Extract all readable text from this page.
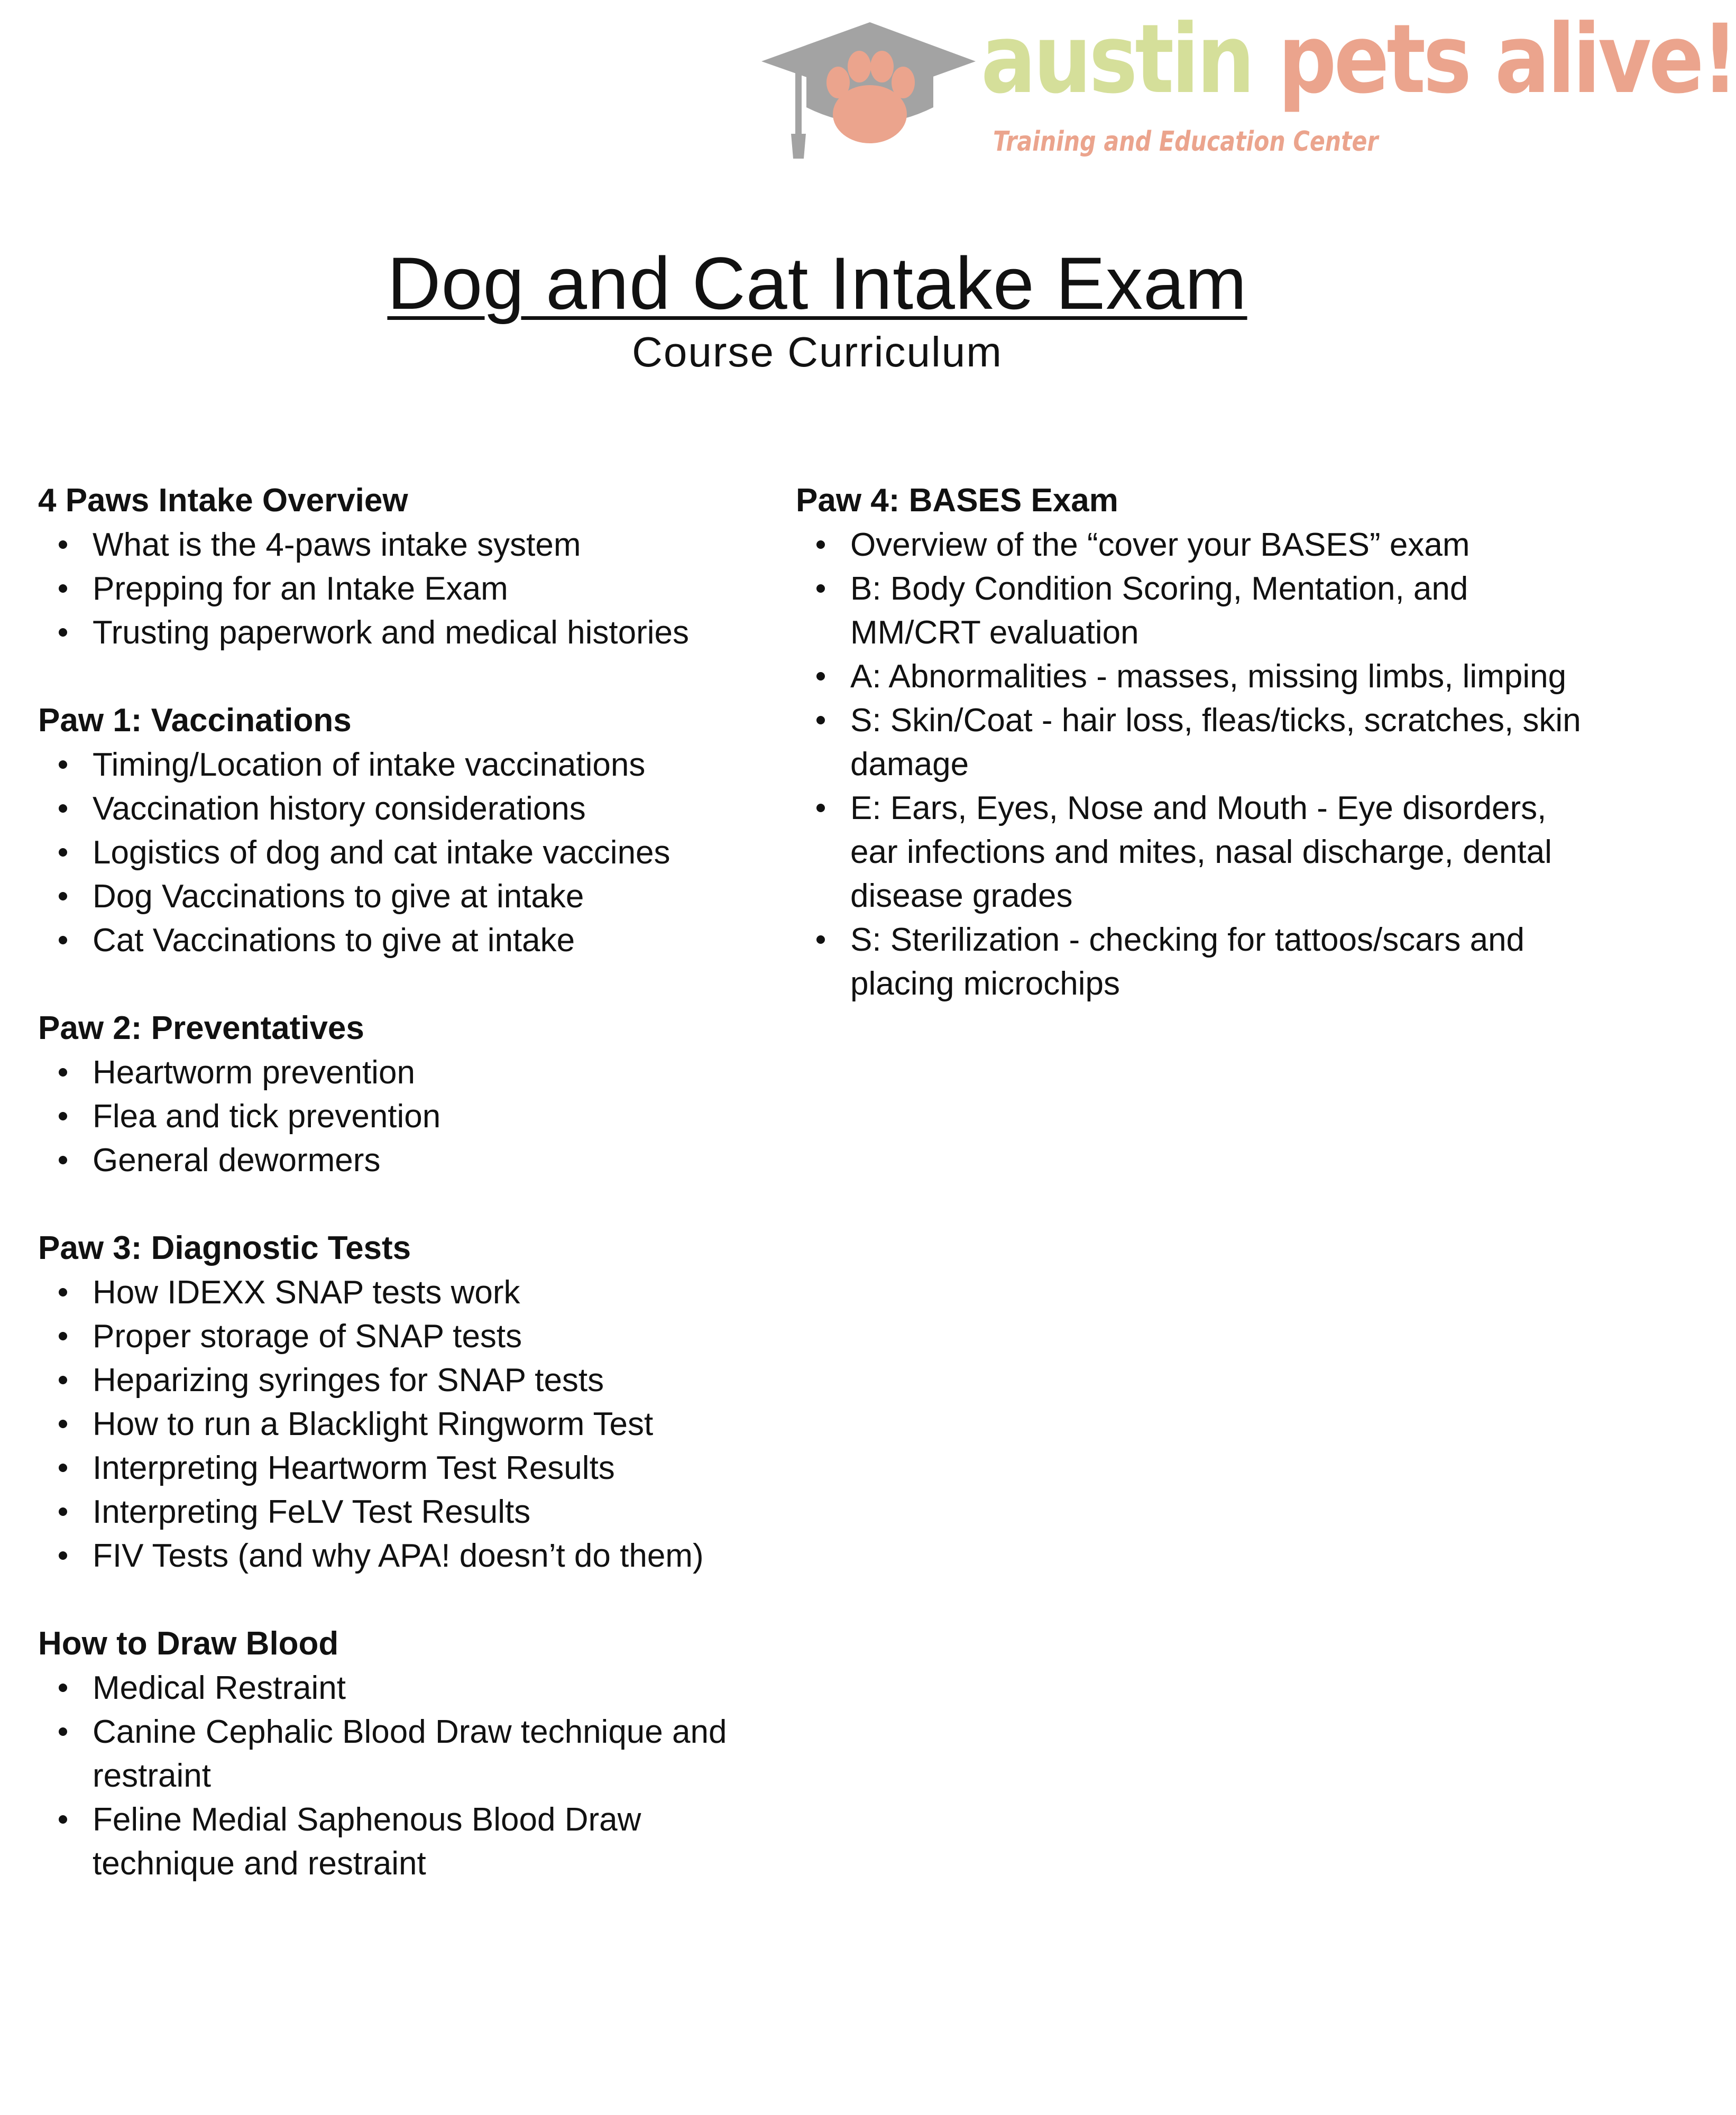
austin pets alive!
Training and Education Center
Dog and Cat Intake Exam
Course Curriculum
4 Paws Intake Overview
What is the 4-paws intake system
Prepping for an Intake Exam
Trusting paperwork and medical histories
Paw 1: Vaccinations
Timing/Location of intake vaccinations
Vaccination history considerations
Logistics of dog and cat intake vaccines
Dog Vaccinations to give at intake
Cat Vaccinations to give at intake
Paw 2: Preventatives
Heartworm prevention
Flea and tick prevention
General dewormers
Paw 3: Diagnostic Tests
How IDEXX SNAP tests work
Proper storage of SNAP tests
Heparizing syringes for SNAP tests
How to run a Blacklight Ringworm Test
Interpreting Heartworm Test Results
Interpreting FeLV Test Results
FIV Tests (and why APA! doesn’t do them)
How to Draw Blood
Medical Restraint
Canine Cephalic Blood Draw technique and restraint
Feline Medial Saphenous Blood Draw technique and restraint
Paw 4: BASES Exam
Overview of the “cover your BASES” exam
B: Body Condition Scoring, Mentation, and MM/CRT evaluation
A: Abnormalities - masses, missing limbs, limping
S: Skin/Coat - hair loss, fleas/ticks, scratches, skin damage
E: Ears, Eyes, Nose and Mouth - Eye disorders, ear infections and mites, nasal discharge, dental disease grades
S: Sterilization - checking for tattoos/scars and placing microchips
